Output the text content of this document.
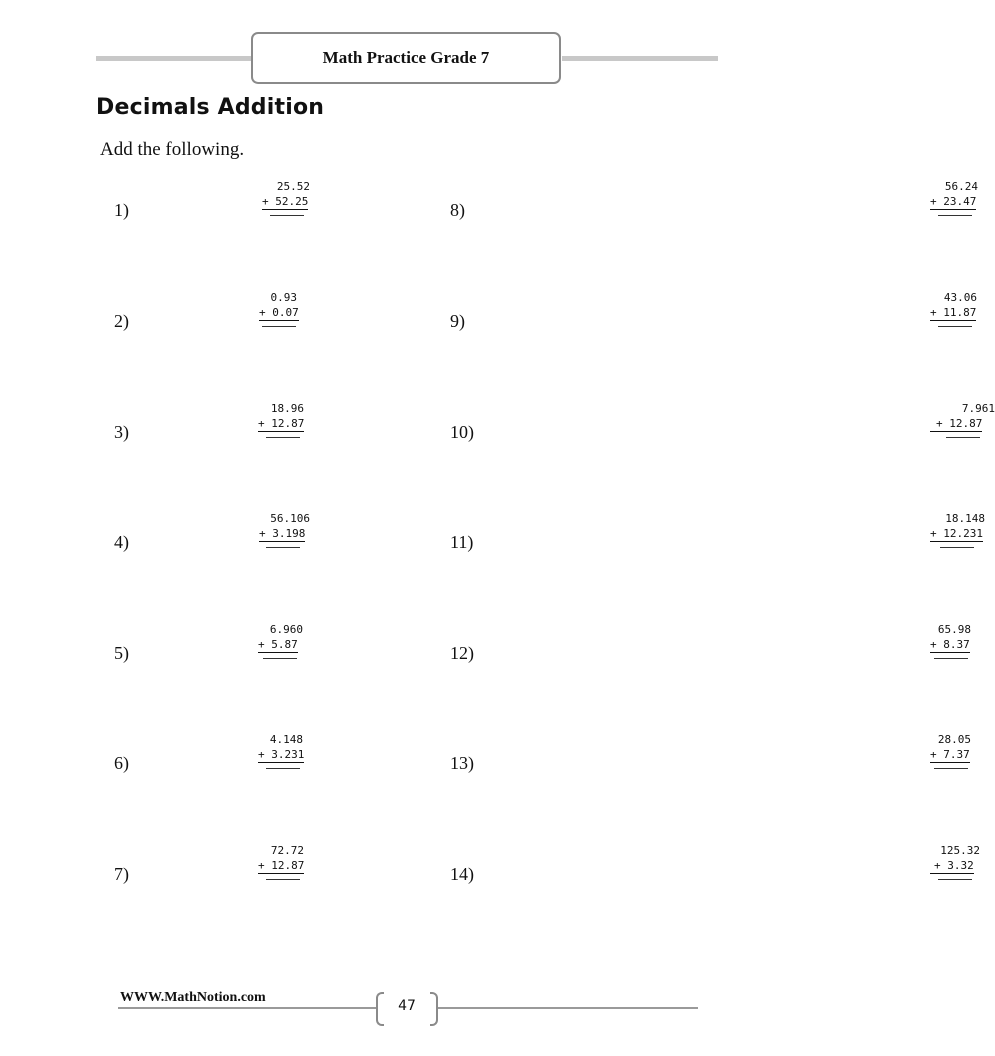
Math Practice Grade 7
Decimals Addition
Add the following.
1)
25.52
+ 52.25
2)
0.93
+ 0.07
3)
18.96
+ 12.87
4)
56.106
+ 3.198
5)
6.960
+ 5.87
6)
4.148
+ 3.231
7)
72.72
+ 12.87
8)
56.24
+ 23.47
9)
43.06
+ 11.87
10)
7.961
+ 12.87
11)
18.148
+ 12.231
12)
65.98
+ 8.37
13)
28.05
+ 7.37
14)
125.32
+ 3.32
WWW.MathNotion.com
47
